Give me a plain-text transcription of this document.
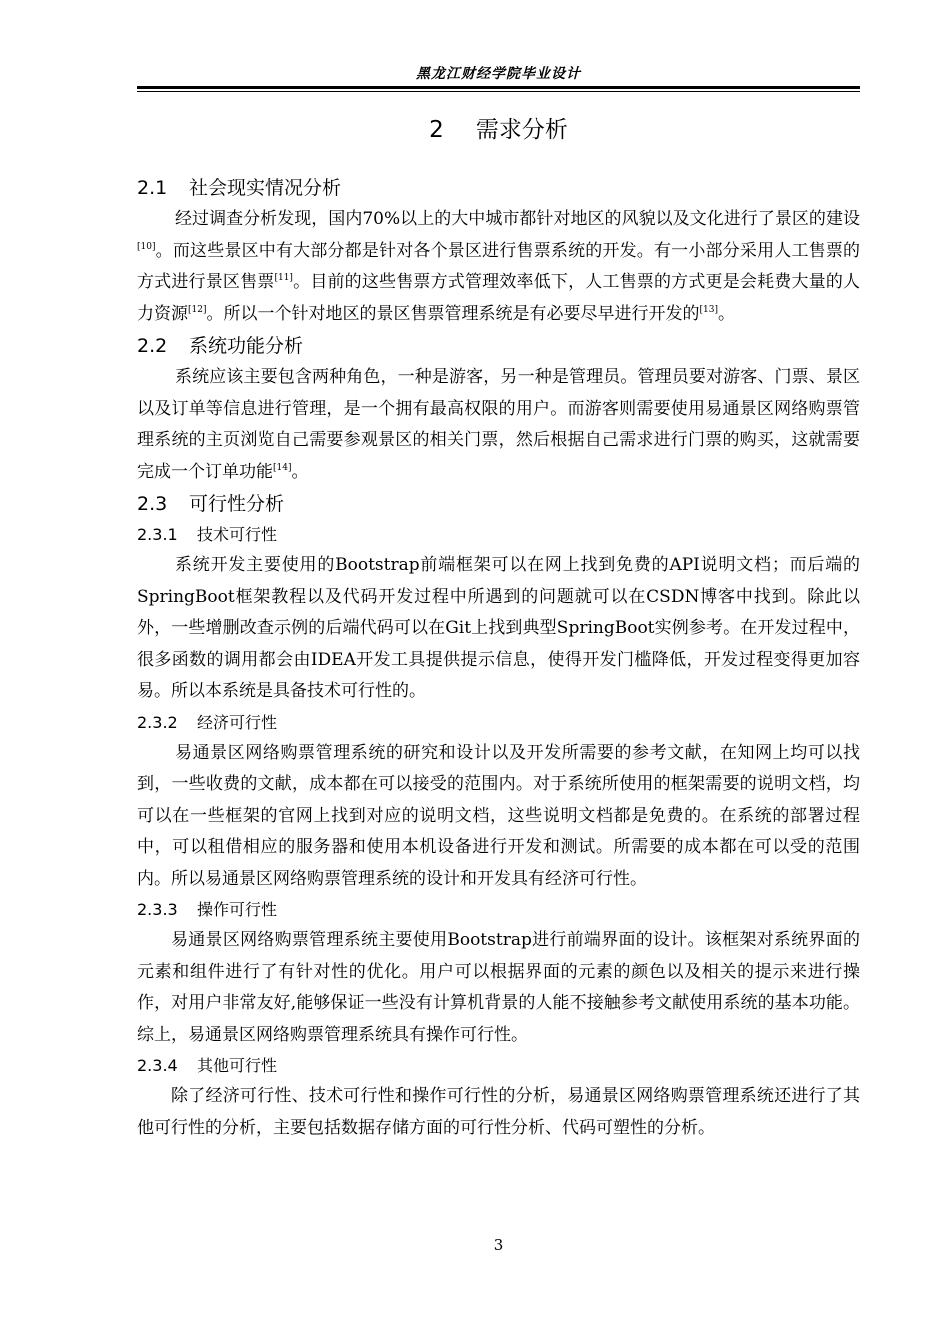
黑龙江财经学院毕业设计
2 需求分析
2.1 社会现实情况分析

经过调查分析发现，国内70%以上的大中城市都针对地区的风貌以及文化进行了景区的建设[10]。而这些景区中有大部分都是针对各个景区进行售票系统的开发。有一小部分采用人工售票的方式进行景区售票[11]。目前的这些售票方式管理效率低下，人工售票的方式更是会耗费大量的人力资源[12]。所以一个针对地区的景区售票管理系统是有必要尽早进行开发的[13]。

2.2 系统功能分析

系统应该主要包含两种角色，一种是游客，另一种是管理员。管理员要对游客、门票、景区以及订单等信息进行管理，是一个拥有最高权限的用户。而游客则需要使用易通景区网络购票管理系统的主页浏览自己需要参观景区的相关门票，然后根据自己需求进行门票的购买，这就需要完成一个订单功能[14]。

2.3 可行性分析
2.3.1 技术可行性

系统开发主要使用的Bootstrap前端框架可以在网上找到免费的API说明文档；而后端的SpringBoot框架教程以及代码开发过程中所遇到的问题就可以在CSDN博客中找到。除此以外，一些增删改查示例的后端代码可以在Git上找到典型SpringBoot实例参考。在开发过程中，很多函数的调用都会由IDEA开发工具提供提示信息，使得开发门槛降低，开发过程变得更加容易。所以本系统是具备技术可行性的。

2.3.2 经济可行性

易通景区网络购票管理系统的研究和设计以及开发所需要的参考文献，在知网上均可以找到，一些收费的文献，成本都在可以接受的范围内。对于系统所使用的框架需要的说明文档，均可以在一些框架的官网上找到对应的说明文档，这些说明文档都是免费的。在系统的部署过程中，可以租借相应的服务器和使用本机设备进行开发和测试。所需要的成本都在可以受的范围内。所以易通景区网络购票管理系统的设计和开发具有经济可行性。

2.3.3 操作可行性

易通景区网络购票管理系统主要使用Bootstrap进行前端界面的设计。该框架对系统界面的元素和组件进行了有针对性的优化。用户可以根据界面的元素的颜色以及相关的提示来进行操作，对用户非常友好,能够保证一些没有计算机背景的人能不接触参考文献使用系统的基本功能。综上，易通景区网络购票管理系统具有操作可行性。

2.3.4 其他可行性

除了经济可行性、技术可行性和操作可行性的分析，易通景区网络购票管理系统还进行了其他可行性的分析，主要包括数据存储方面的可行性分析、代码可塑性的分析。

3
